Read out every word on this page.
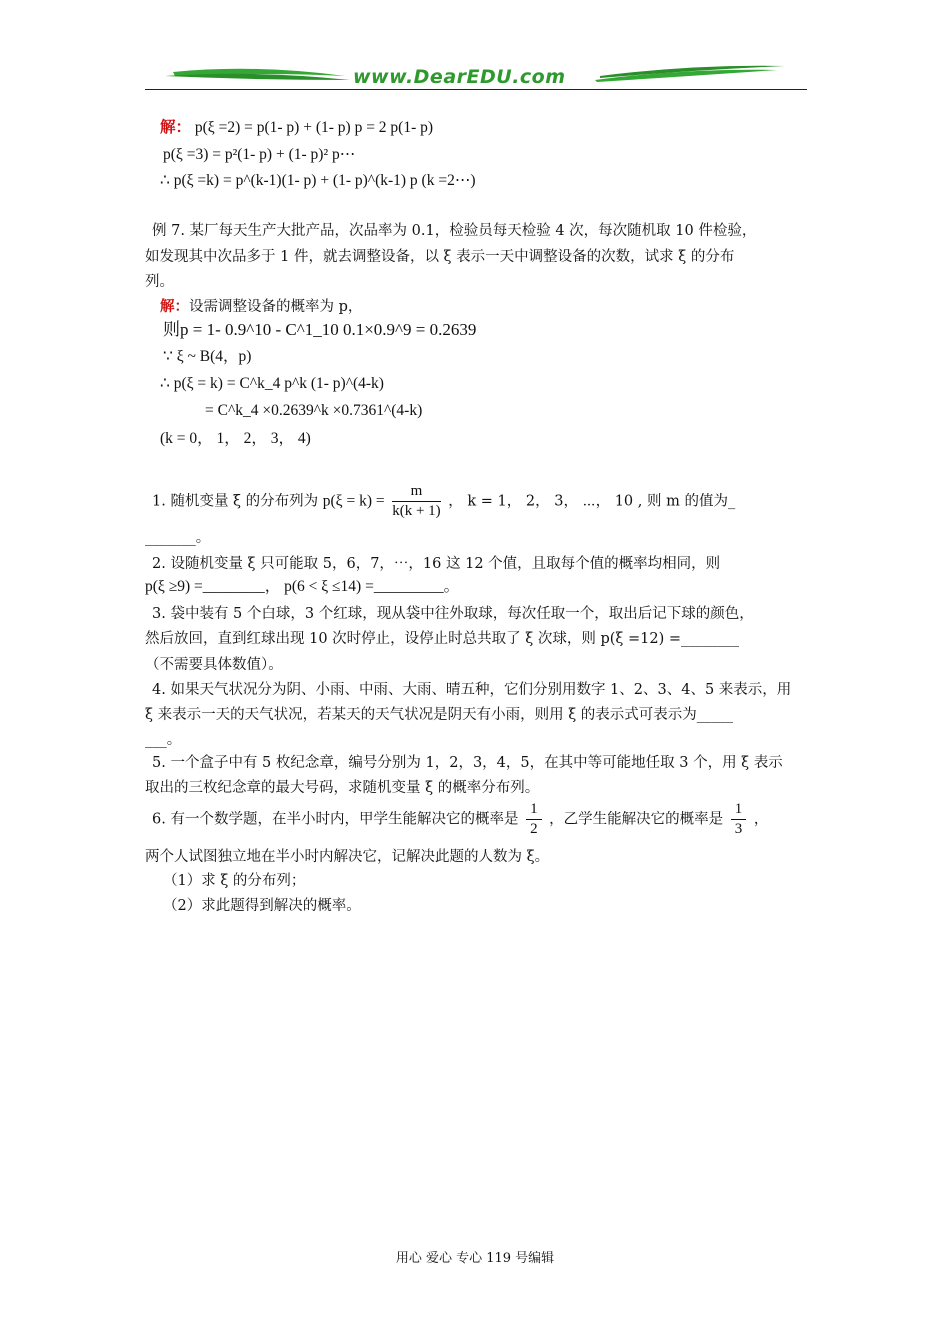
www.DearEDU.com
解： p(ξ =2) = p(1- p) + (1- p) p = 2 p(1- p)
p(ξ =3) = p²(1- p) + (1- p)² p⋯
∴ p(ξ =k) = p^(k-1)(1- p) + (1- p)^(k-1) p (k =2⋯)
例 7. 某厂每天生产大批产品，次品率为 0.1，检验员每天检验 4 次，每次随机取 10 件检验，
如发现其中次品多于 1 件，就去调整设备，以 ξ 表示一天中调整设备的次数，试求 ξ 的分布
列。
解：设需调整设备的概率为 p，
则p = 1- 0.9^10 - C^1_10 0.1×0.9^9 = 0.2639
∵ ξ ~ B(4，p)
∴ p(ξ = k) = C^k_4 p^k (1- p)^(4-k)
= C^k_4 ×0.2639^k ×0.7361^(4-k)
(k = 0， 1， 2， 3， 4)
1. 随机变量 ξ 的分布列为 $p(\xi = k) = \frac{m}{k(k + 1)}$ ， k = 1， 2， 3， ⋯， 10 , 则 m 的值为_
_______。
2. 设随机变量 ξ 只可能取 5，6，7，⋯，16 这 12 个值，且取每个值的概率均相同，则
p(ξ ≥9) =________， p(6 < ξ ≤14) =_________。
3. 袋中装有 5 个白球，3 个红球，现从袋中往外取球，每次任取一个，取出后记下球的颜色，
然后放回，直到红球出现 10 次时停止，设停止时总共取了 ξ 次球，则 p(ξ =12) =________
（不需要具体数值）。
4. 如果天气状况分为阴、小雨、中雨、大雨、晴五种，它们分别用数字 1、2、3、4、5 来表示，用
ξ 来表示一天的天气状况，若某天的天气状况是阴天有小雨，则用 ξ 的表示式可表示为_____
___。
5. 一个盒子中有 5 枚纪念章，编号分别为 1，2，3，4，5，在其中等可能地任取 3 个，用 ξ 表示
取出的三枚纪念章的最大号码，求随机变量 ξ 的概率分布列。
6. 有一个数学题，在半小时内，甲学生能解决它的概率是 $\frac{1}{2}$ ，乙学生能解决它的概率是 $\frac{1}{3}$ ，
两个人试图独立地在半小时内解决它，记解决此题的人数为 ξ。
（1）求 ξ 的分布列；
（2）求此题得到解决的概率。
用心 爱心 专心 119 号编辑
